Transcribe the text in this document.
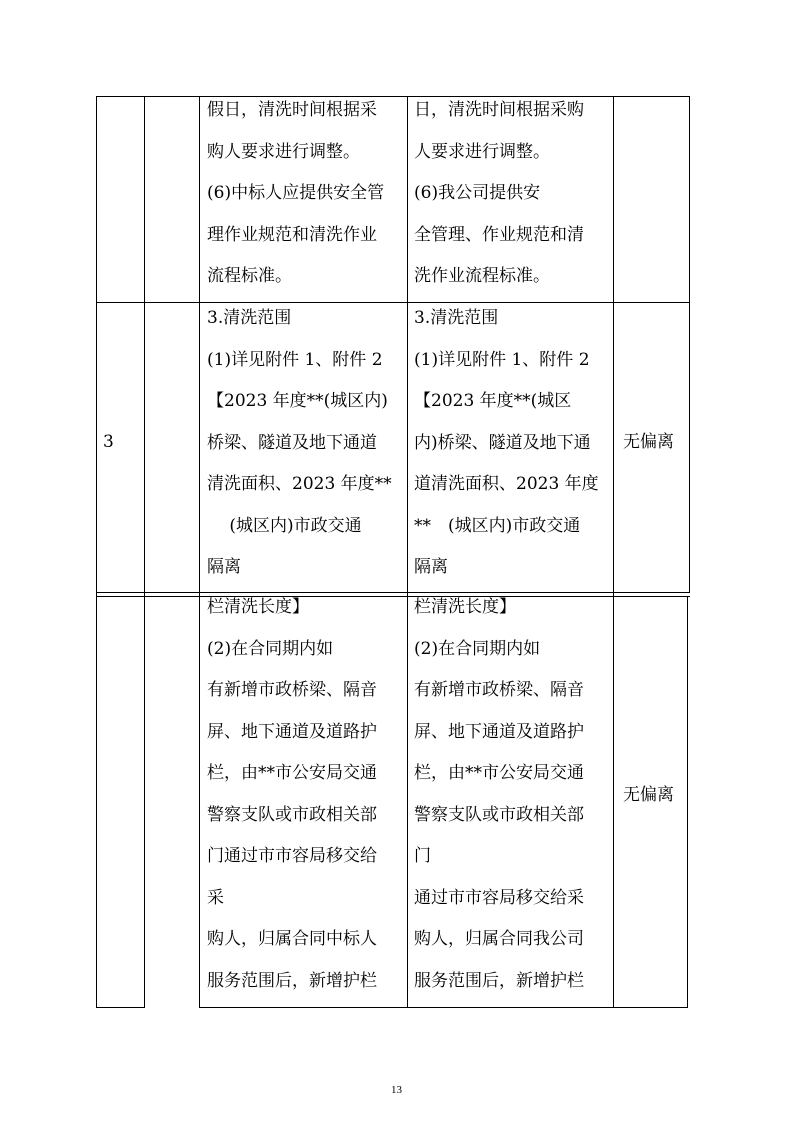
假日，清洗时间根据采
购人要求进行调整。
(6)中标人应提供安全管
理作业规范和清洗作业
流程标准。
日，清洗时间根据采购
人要求进行调整。
(6)我公司提供安
全管理、作业规范和清
洗作业流程标准。
3
3.清洗范围
(1)详见附件 1、附件 2
【2023 年度**(城区内)
桥梁、隧道及地下通道
清洗面积、2023 年度**
　 (城区内)市政交通
隔离
3.清洗范围
(1)详见附件 1、附件 2
【2023 年度**(城区
内)桥梁、隧道及地下通
道清洗面积、2023 年度
**　(城区内)市政交通
隔离
无偏离
栏清洗长度】
(2)在合同期内如
有新增市政桥梁、隔音
屏、地下通道及道路护
栏，由**市公安局交通
警察支队或市政相关部
门通过市市容局移交给
采
购人，归属合同中标人
服务范围后，新增护栏
栏清洗长度】
(2)在合同期内如
有新增市政桥梁、隔音
屏、地下通道及道路护
栏，由**市公安局交通
警察支队或市政相关部
门
通过市市容局移交给采
购人，归属合同我公司
服务范围后，新增护栏
无偏离
13
